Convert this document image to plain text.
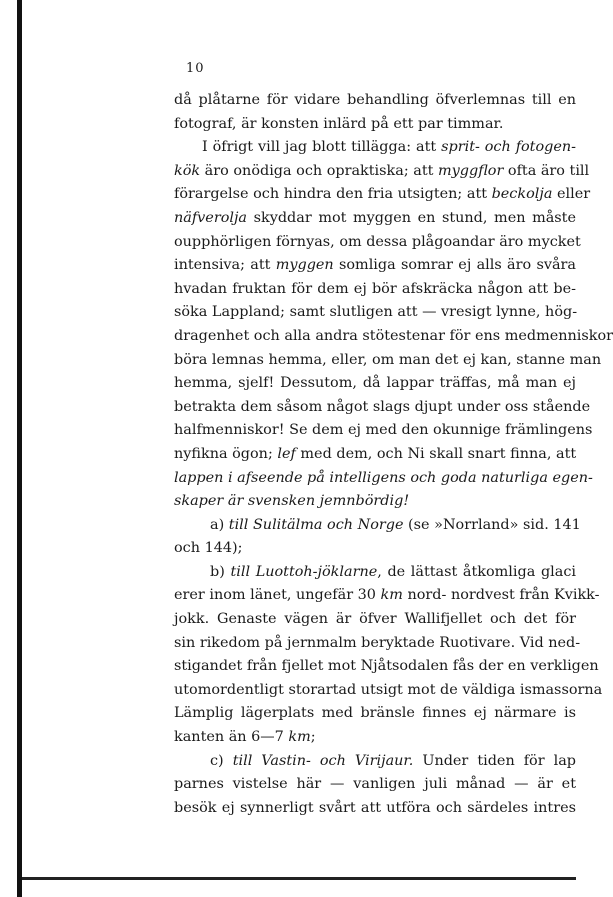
10
då plåtarne för vidare behandling öfverlemnas till en
fotograf, är konsten inlärd på ett par timmar.
I öfrigt vill jag blott tillägga: att sprit- och fotogen-
kök äro onödiga och opraktiska; att myggflor ofta äro till
förargelse och hindra den fria utsigten; att beckolja eller
näfverolja skyddar mot myggen en stund, men måste
oupphörligen förnyas, om dessa plågoandar äro mycket
intensiva; att myggen somliga somrar ej alls äro svåra
hvadan fruktan för dem ej bör afskräcka någon att be-
söka Lappland; samt slutligen att — vresigt lynne, hög-
dragenhet och alla andra stötestenar för ens medmenniskor
böra lemnas hemma, eller, om man det ej kan, stanne man
hemma, sjelf! Dessutom, då lappar träffas, må man ej
betrakta dem såsom något slags djupt under oss stående
halfmenniskor! Se dem ej med den okunnige främlingens
nyfikna ögon; lef med dem, och Ni skall snart finna, att
lappen i afseende på intelligens och goda naturliga egen-
skaper är svensken jemnbördig!
a) till Sulitälma och Norge (se »Norrland» sid. 141
och 144);
b) till Luottoh-jöklarne, de lättast åtkomliga glaci
erer inom länet, ungefär 30 km nord- nordvest från Kvikk-
jokk. Genaste vägen är öfver Wallifjellet och det för
sin rikedom på jernmalm beryktade Ruotivare. Vid ned-
stigandet från fjellet mot Njåtsodalen fås der en verkligen
utomordentligt storartad utsigt mot de väldiga ismassorna
Lämplig lägerplats med bränsle finnes ej närmare is
kanten än 6—7 km;
c) till Vastin- och Virijaur. Under tiden för lap
parnes vistelse här — vanligen juli månad — är et
besök ej synnerligt svårt att utföra och särdeles intres
